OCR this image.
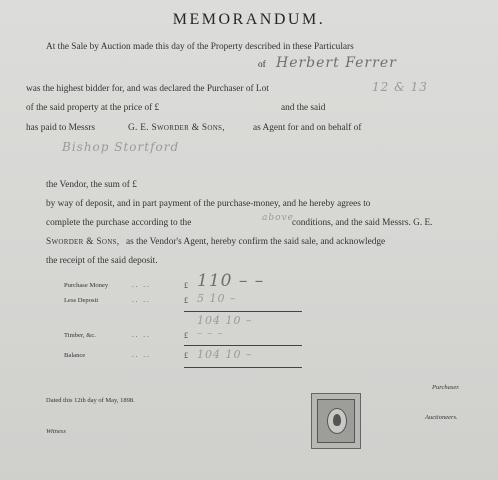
MEMORANDUM.
At the Sale by Auction made this day of the Property described in these Particulars
of Herbert Ferrer
was the highest bidder for, and was declared the Purchaser of Lot	12 & 13
of the said property at the price of £	and the said
has paid to Messrs	G. E. Sworder & Sons,	as Agent for and on behalf of
Bishop Stortford
the Vendor, the sum of £
by way of deposit, and in part payment of the purchase-money, and he hereby agrees to
complete the purchase according to the	above
conditions, and the said Messrs. G. E.
Sworder & Sons, as the Vendor's Agent, hereby confirm the said sale, and acknowledge
the receipt of the said deposit.
Purchase Money	.. ..	£ 110 – –
Less Deposit	.. ..	£ 5 10 –
104 10 –
Timber, &c.	.. ..	£ – – –
Balance	.. ..	£ 104 10 –
Dated this 12th day of May, 1898.
Purchaser.
Auctioneers.
Witness
